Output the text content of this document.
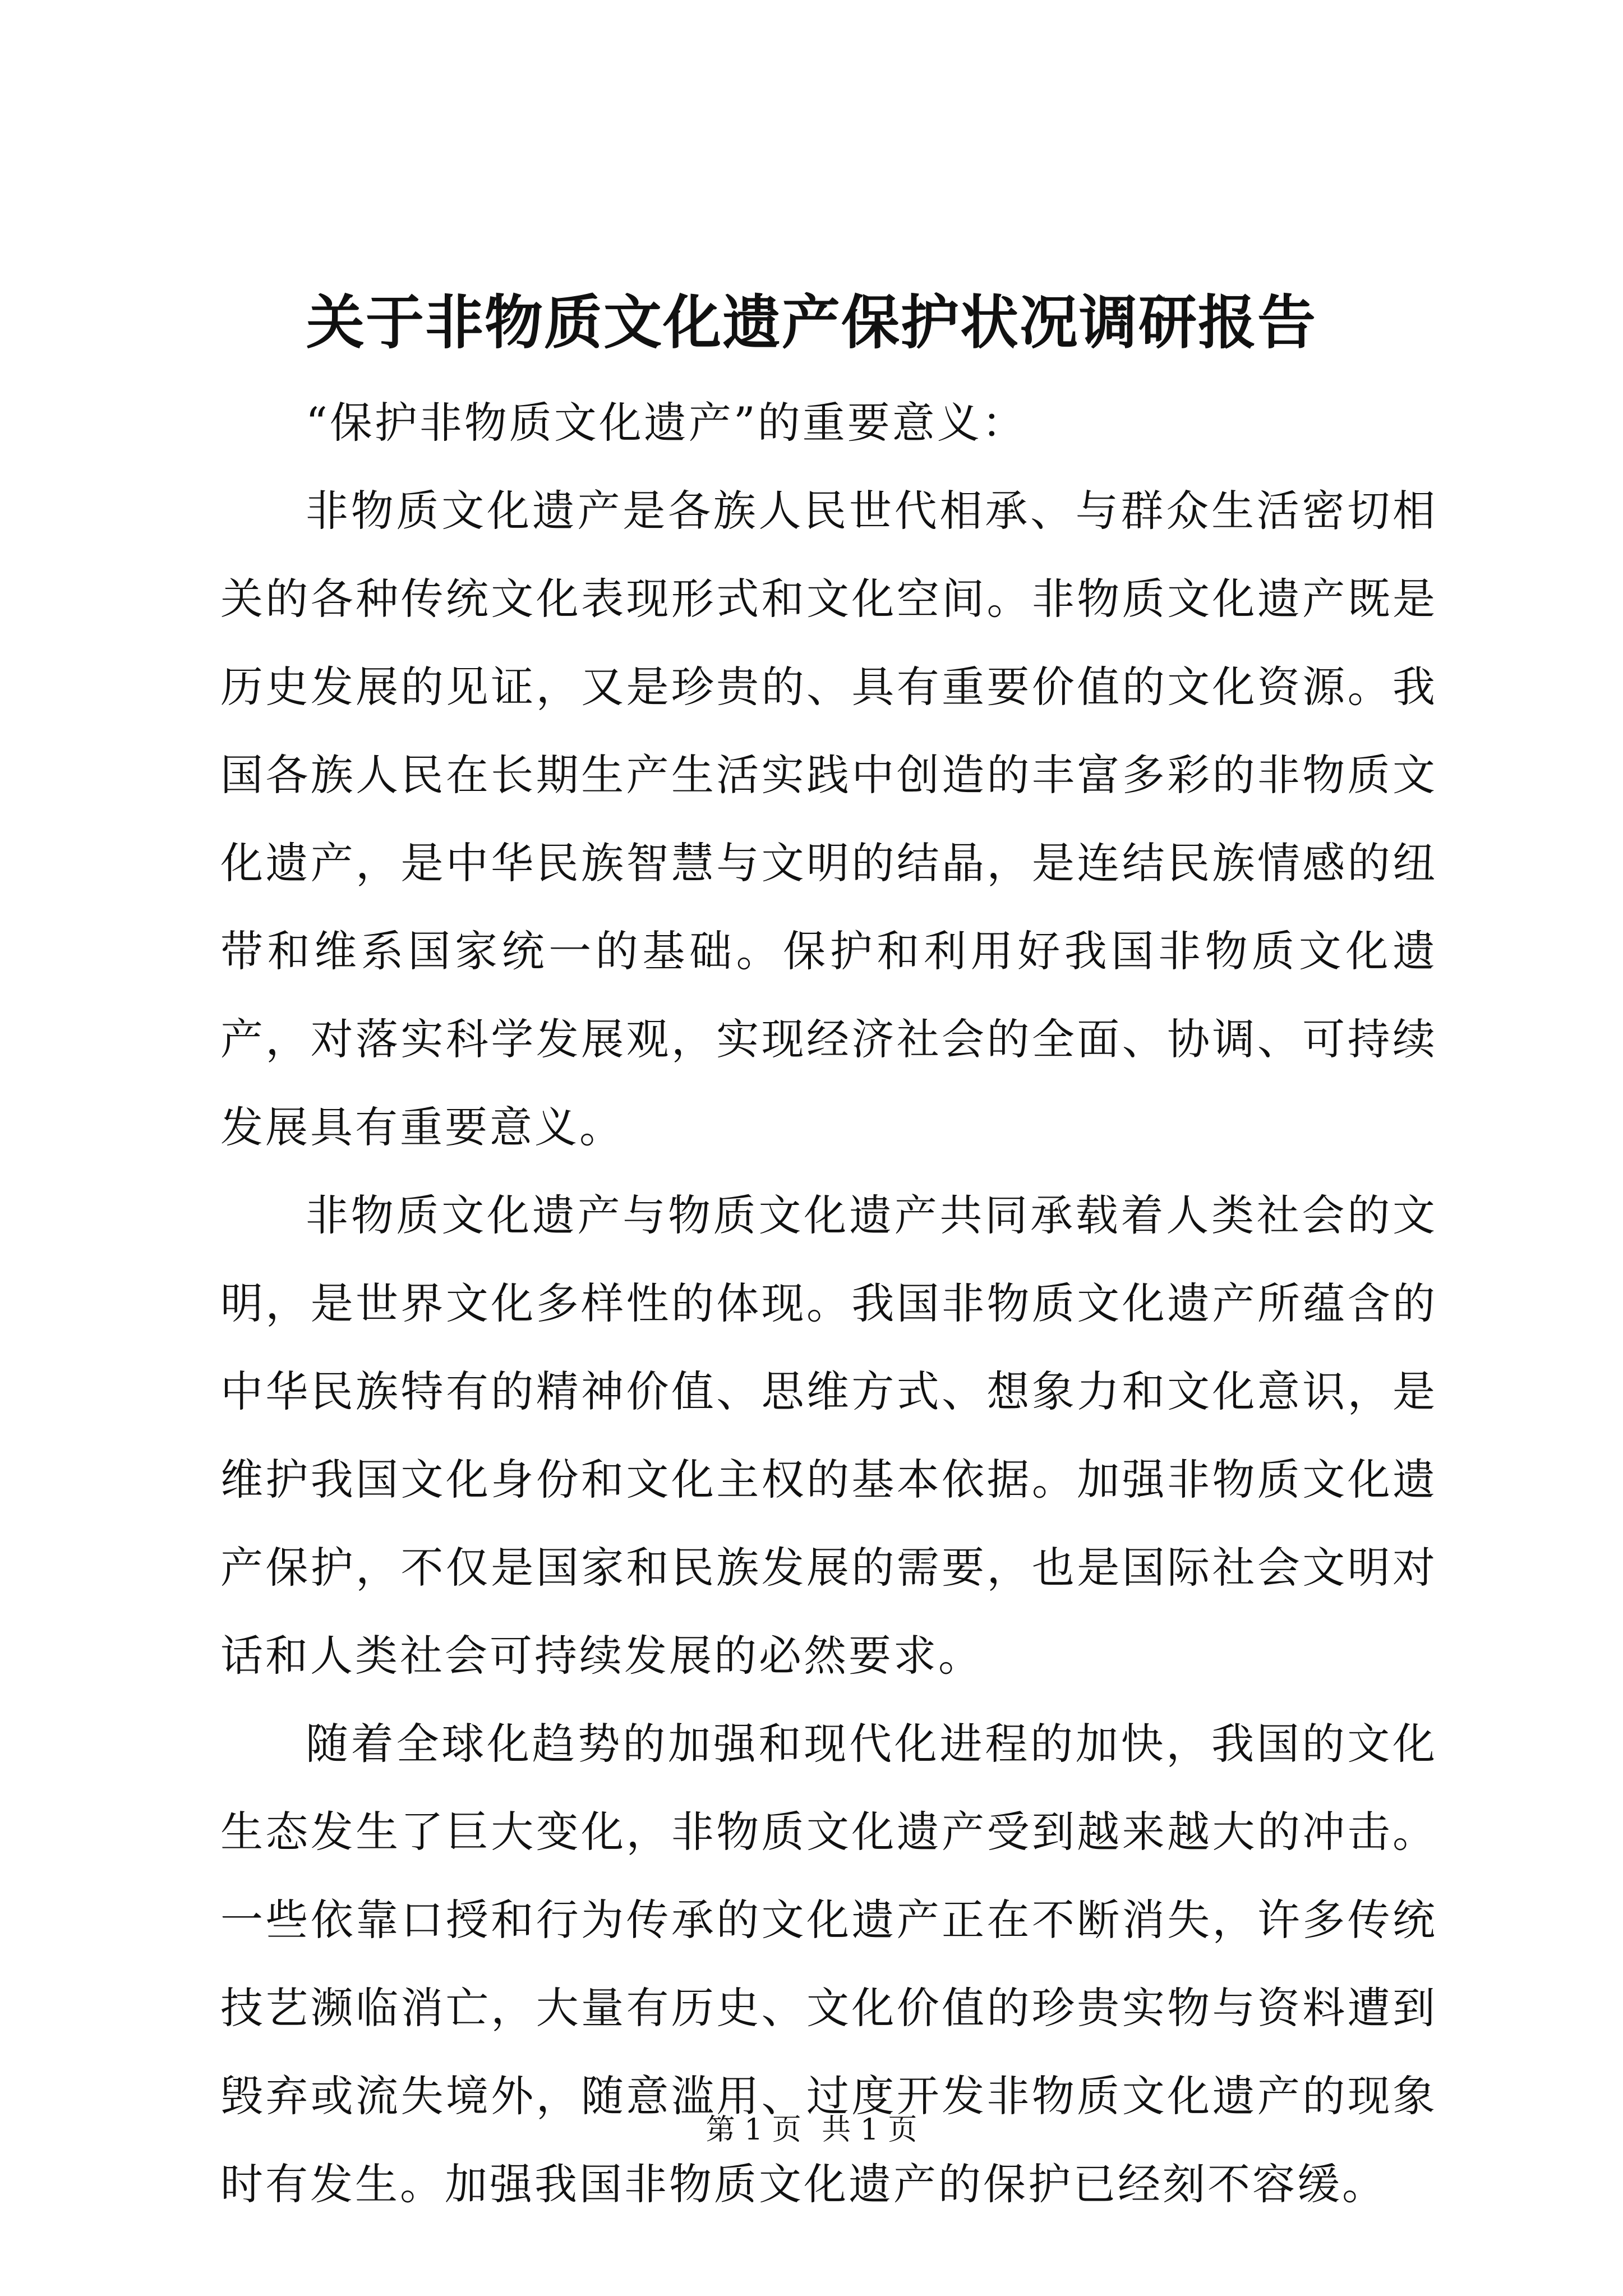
关于非物质文化遗产保护状况调研报告

“保护非物质文化遗产”的重要意义：

非物质文化遗产是各族人民世代相承、与群众生活密切相关的各种传统文化表现形式和文化空间。非物质文化遗产既是历史发展的见证，又是珍贵的、具有重要价值的文化资源。我国各族人民在长期生产生活实践中创造的丰富多彩的非物质文化遗产，是中华民族智慧与文明的结晶，是连结民族情感的纽带和维系国家统一的基础。保护和利用好我国非物质文化遗产，对落实科学发展观，实现经济社会的全面、协调、可持续发展具有重要意义。

非物质文化遗产与物质文化遗产共同承载着人类社会的文明，是世界文化多样性的体现。我国非物质文化遗产所蕴含的中华民族特有的精神价值、思维方式、想象力和文化意识，是维护我国文化身份和文化主权的基本依据。加强非物质文化遗产保护，不仅是国家和民族发展的需要，也是国际社会文明对话和人类社会可持续发展的必然要求。

随着全球化趋势的加强和现代化进程的加快，我国的文化生态发生了巨大变化，非物质文化遗产受到越来越大的冲击。一些依靠口授和行为传承的文化遗产正在不断消失，许多传统技艺濒临消亡，大量有历史、文化价值的珍贵实物与资料遭到毁弃或流失境外，随意滥用、过度开发非物质文化遗产的现象时有发生。加强我国非物质文化遗产的保护已经刻不容缓。

第 1 页 共 1 页
